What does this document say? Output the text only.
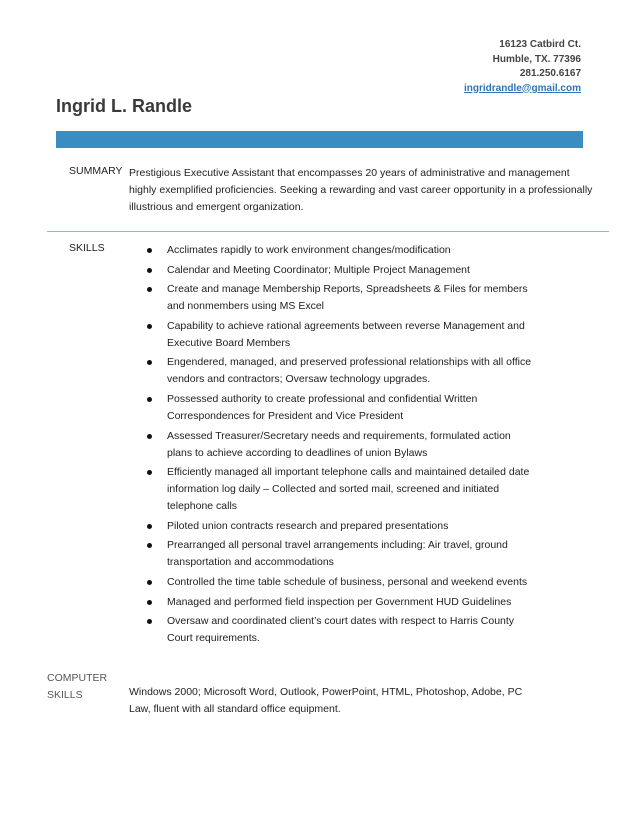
16123 Catbird Ct.
Humble, TX. 77396
281.250.6167
ingridrandle@gmail.com
Ingrid L. Randle
SUMMARY Prestigious Executive Assistant that encompasses 20 years of administrative and management highly exemplified proficiencies. Seeking a rewarding and vast career opportunity in a professionally illustrious and emergent organization.
SKILLS	Acclimates rapidly to work environment changes/modification
Calendar and Meeting Coordinator; Multiple Project Management
Create and manage Membership Reports, Spreadsheets & Files for members and nonmembers using MS Excel
Capability to achieve rational agreements between reverse Management and Executive Board Members
Engendered, managed, and preserved professional relationships with all office vendors and contractors; Oversaw technology upgrades.
Possessed authority to create professional and confidential Written Correspondences for President and Vice President
Assessed Treasurer/Secretary needs and requirements, formulated action plans to achieve according to deadlines of union Bylaws
Efficiently managed all important telephone calls and maintained detailed date information log daily – Collected and sorted mail, screened and initiated telephone calls
Piloted union contracts research and prepared presentations
Prearranged all personal travel arrangements including: Air travel, ground transportation and accommodations
Controlled the time table schedule of business, personal and weekend events
Managed and performed field inspection per Government HUD Guidelines
Oversaw and coordinated client’s court dates with respect to Harris County Court requirements.
COMPUTER
SKILLS	Windows 2000; Microsoft Word, Outlook, PowerPoint, HTML, Photoshop, Adobe, PC Law, fluent with all standard office equipment.
